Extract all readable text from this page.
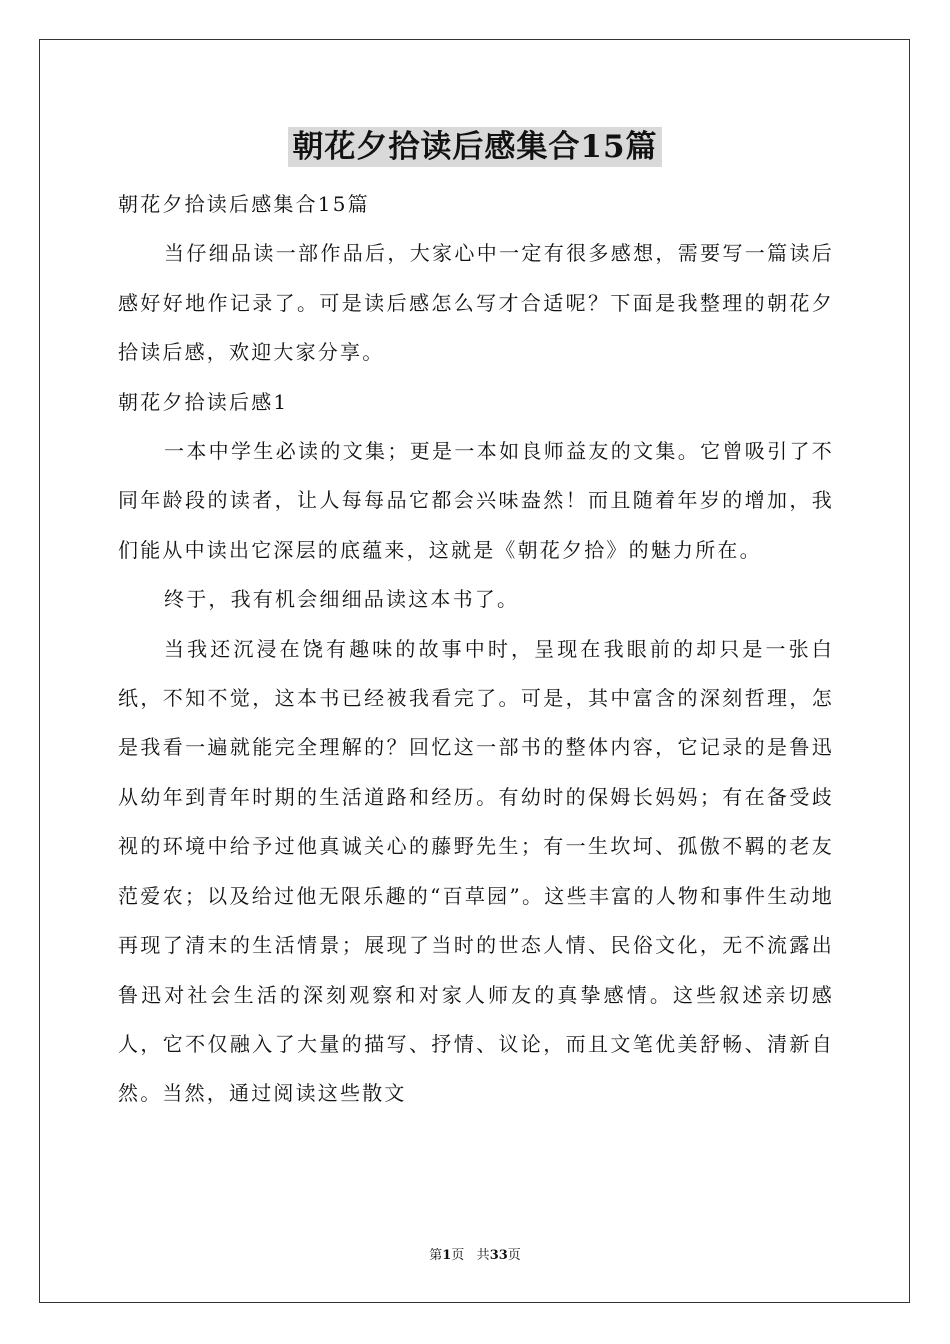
朝花夕拾读后感集合15篇

朝花夕拾读后感集合15篇

当仔细品读一部作品后，大家心中一定有很多感想，需要写一篇读后感好好地作记录了。可是读后感怎么写才合适呢？下面是我整理的朝花夕拾读后感，欢迎大家分享。

朝花夕拾读后感1

一本中学生必读的文集；更是一本如良师益友的文集。它曾吸引了不同年龄段的读者，让人每每品它都会兴味盎然！而且随着年岁的增加，我们能从中读出它深层的底蕴来，这就是《朝花夕拾》的魅力所在。

终于，我有机会细细品读这本书了。

当我还沉浸在饶有趣味的故事中时，呈现在我眼前的却只是一张白纸，不知不觉，这本书已经被我看完了。可是，其中富含的深刻哲理，怎是我看一遍就能完全理解的？回忆这一部书的整体内容，它记录的是鲁迅从幼年到青年时期的生活道路和经历。有幼时的保姆长妈妈；有在备受歧视的环境中给予过他真诚关心的藤野先生；有一生坎坷、孤傲不羁的老友范爱农；以及给过他无限乐趣的“百草园”。这些丰富的人物和事件生动地再现了清末的生活情景；展现了当时的世态人情、民俗文化，无不流露出鲁迅对社会生活的深刻观察和对家人师友的真挚感情。这些叙述亲切感人，它不仅融入了大量的描写、抒情、议论，而且文笔优美舒畅、清新自然。当然，通过阅读这些散文

第1页 共33页
